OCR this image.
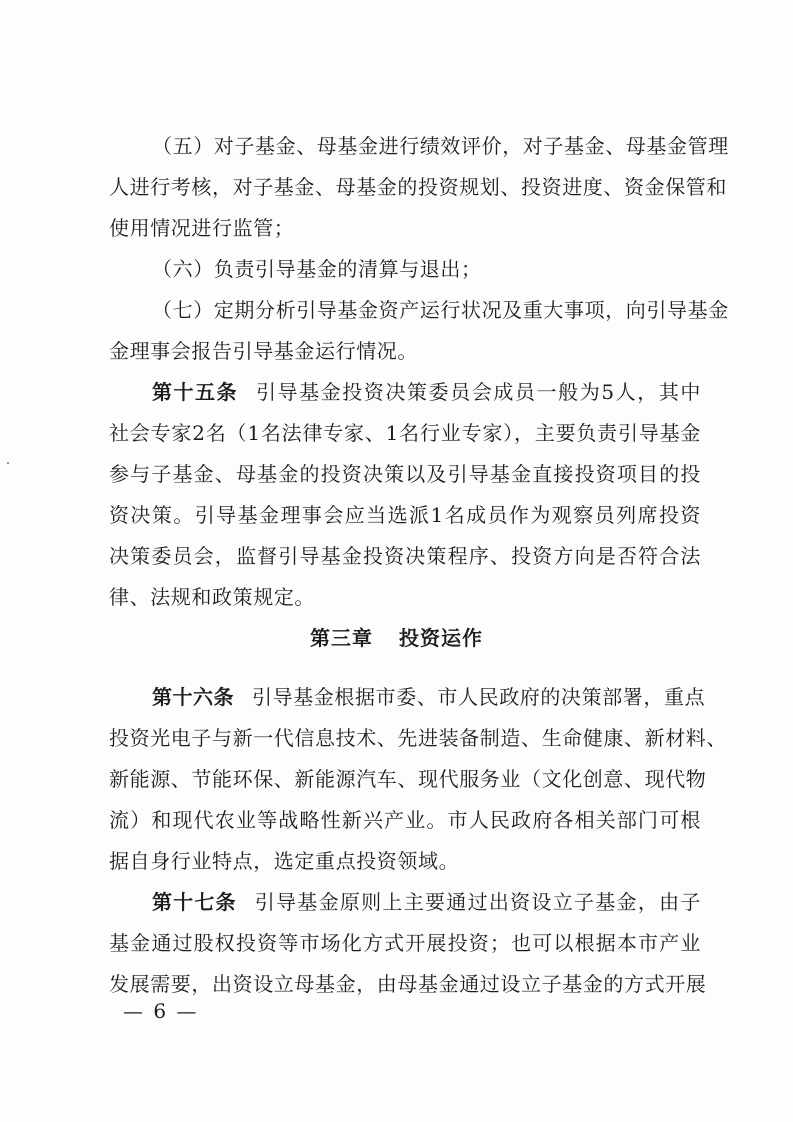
（五）对子基金、母基金进行绩效评价，对子基金、母基金管理

人进行考核，对子基金、母基金的投资规划、投资进度、资金保管和

使用情况进行监管；

（六）负责引导基金的清算与退出；

（七）定期分析引导基金资产运行状况及重大事项，向引导基金

金理事会报告引导基金运行情况。

第十五条 引导基金投资决策委员会成员一般为5人，其中

社会专家2名（1名法律专家、1名行业专家），主要负责引导基金

参与子基金、母基金的投资决策以及引导基金直接投资项目的投

资决策。引导基金理事会应当选派1名成员作为观察员列席投资

决策委员会，监督引导基金投资决策程序、投资方向是否符合法

律、法规和政策规定。

第三章 投资运作

第十六条 引导基金根据市委、市人民政府的决策部署，重点

投资光电子与新一代信息技术、先进装备制造、生命健康、新材料、

新能源、节能环保、新能源汽车、现代服务业（文化创意、现代物

流）和现代农业等战略性新兴产业。市人民政府各相关部门可根

据自身行业特点，选定重点投资领域。

第十七条 引导基金原则上主要通过出资设立子基金，由子

基金通过股权投资等市场化方式开展投资；也可以根据本市产业

发展需要，出资设立母基金，由母基金通过设立子基金的方式开展

— 6 —
